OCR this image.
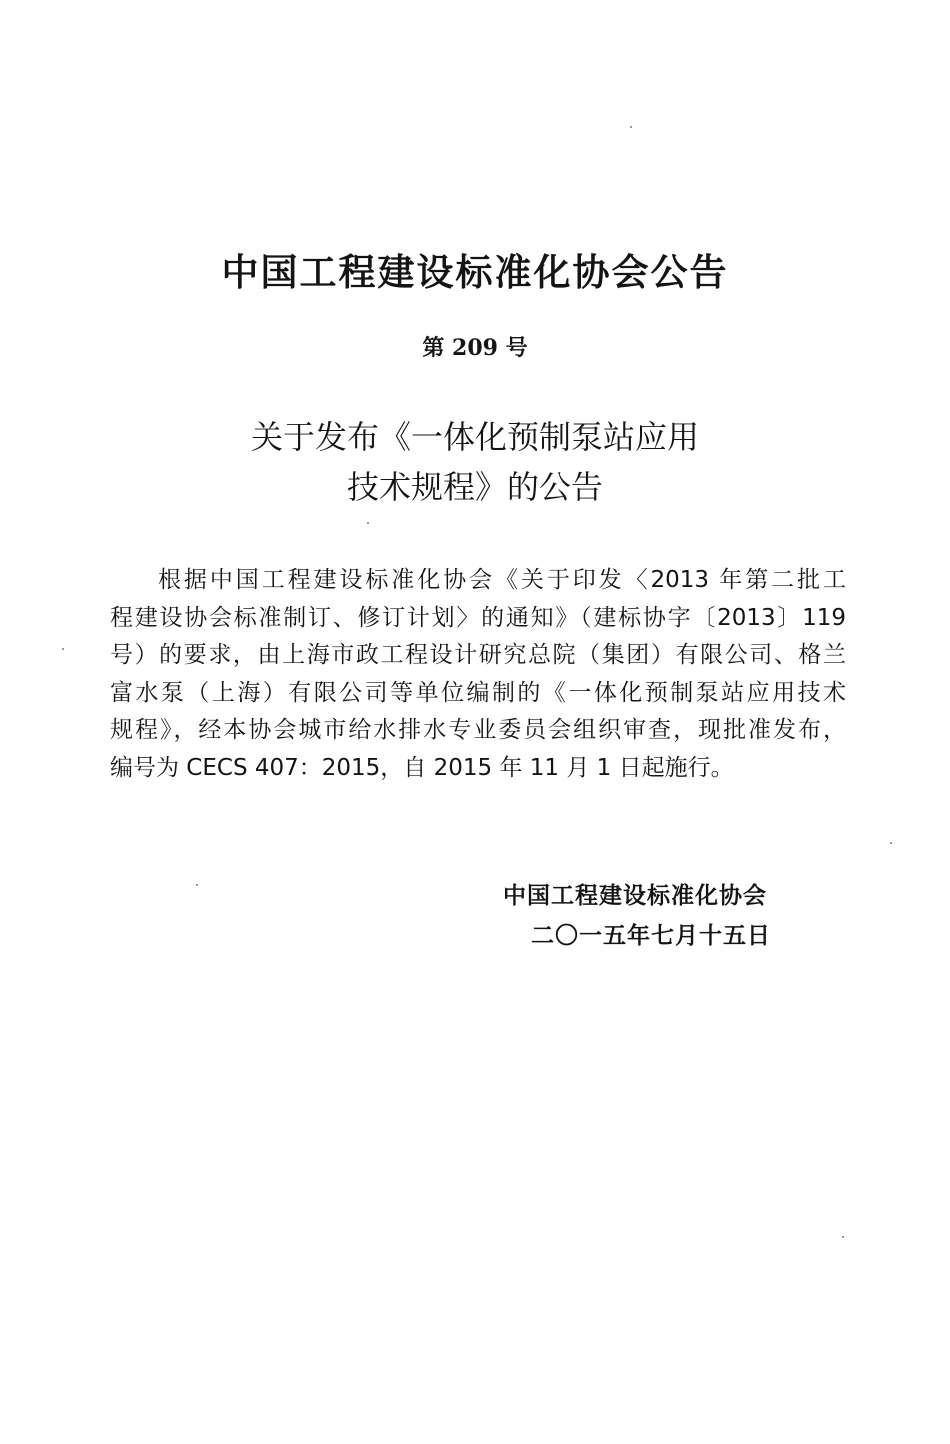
中国工程建设标准化协会公告
第 209 号
关于发布《一体化预制泵站应用
技术规程》的公告
根据中国工程建设标准化协会《关于印发〈2013 年第二批工
程建设协会标准制订、修订计划〉的通知》（建标协字〔2013〕119
号）的要求，由上海市政工程设计研究总院（集团）有限公司、格兰
富水泵（上海）有限公司等单位编制的《一体化预制泵站应用技术
规程》，经本协会城市给水排水专业委员会组织审查，现批准发布，
编号为 CECS 407：2015，自 2015 年 11 月 1 日起施行。
中国工程建设标准化协会
二〇一五年七月十五日
